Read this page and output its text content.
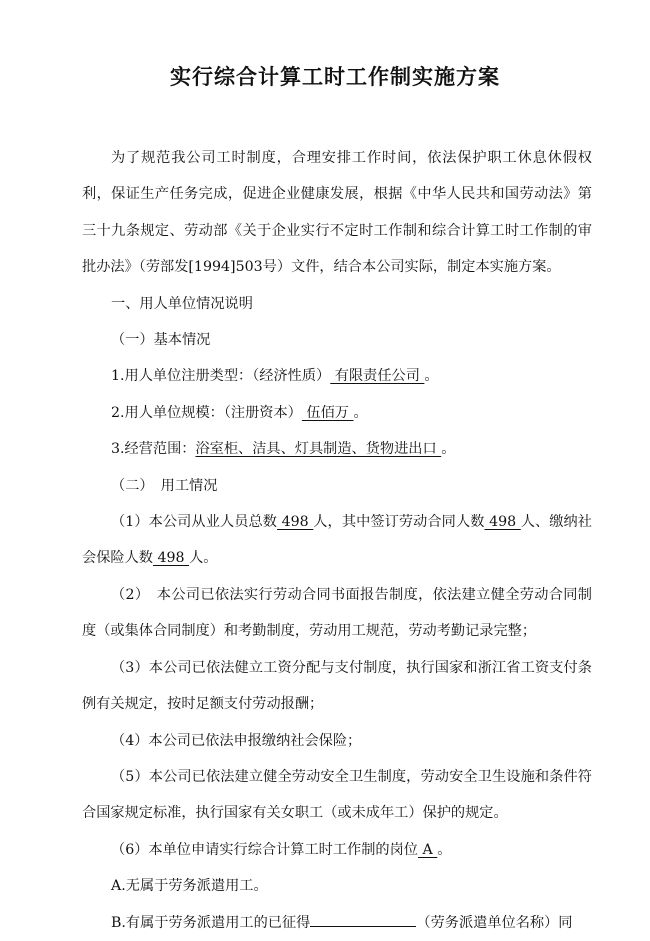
实行综合计算工时工作制实施方案

为了规范我公司工时制度，合理安排工作时间，依法保护职工休息休假权利，保证生产任务完成，促进企业健康发展，根据《中华人民共和国劳动法》第三十九条规定、劳动部《关于企业实行不定时工作制和综合计算工时工作制的审批办法》（劳部发[1994]503号）文件，结合本公司实际，制定本实施方案。

一、用人单位情况说明

（一）基本情况

1.用人单位注册类型：（经济性质） 有限责任公司 。

2.用人单位规模：（注册资本） 伍佰万 。

3.经营范围：浴室柜、洁具、灯具制造、货物进出口 。

（二）　用工情况

（1）本公司从业人员总数 498 人，其中签订劳动合同人数 498 人、缴纳社会保险人数 498 人。

（2）　本公司已依法实行劳动合同书面报告制度，依法建立健全劳动合同制度（或集体合同制度）和考勤制度，劳动用工规范，劳动考勤记录完整；

（3）本公司已依法健立工资分配与支付制度，执行国家和浙江省工资支付条例有关规定，按时足额支付劳动报酬；

（4）本公司已依法申报缴纳社会保险；

（5）本公司已依法建立健全劳动安全卫生制度，劳动安全卫生设施和条件符合国家规定标准，执行国家有关女职工（或未成年工）保护的规定。

（6）本单位申请实行综合计算工时工作制的岗位 A 。

A.无属于劳务派遣用工。

B.有属于劳务派遣用工的已征得	（劳务派遣单位名称）同
